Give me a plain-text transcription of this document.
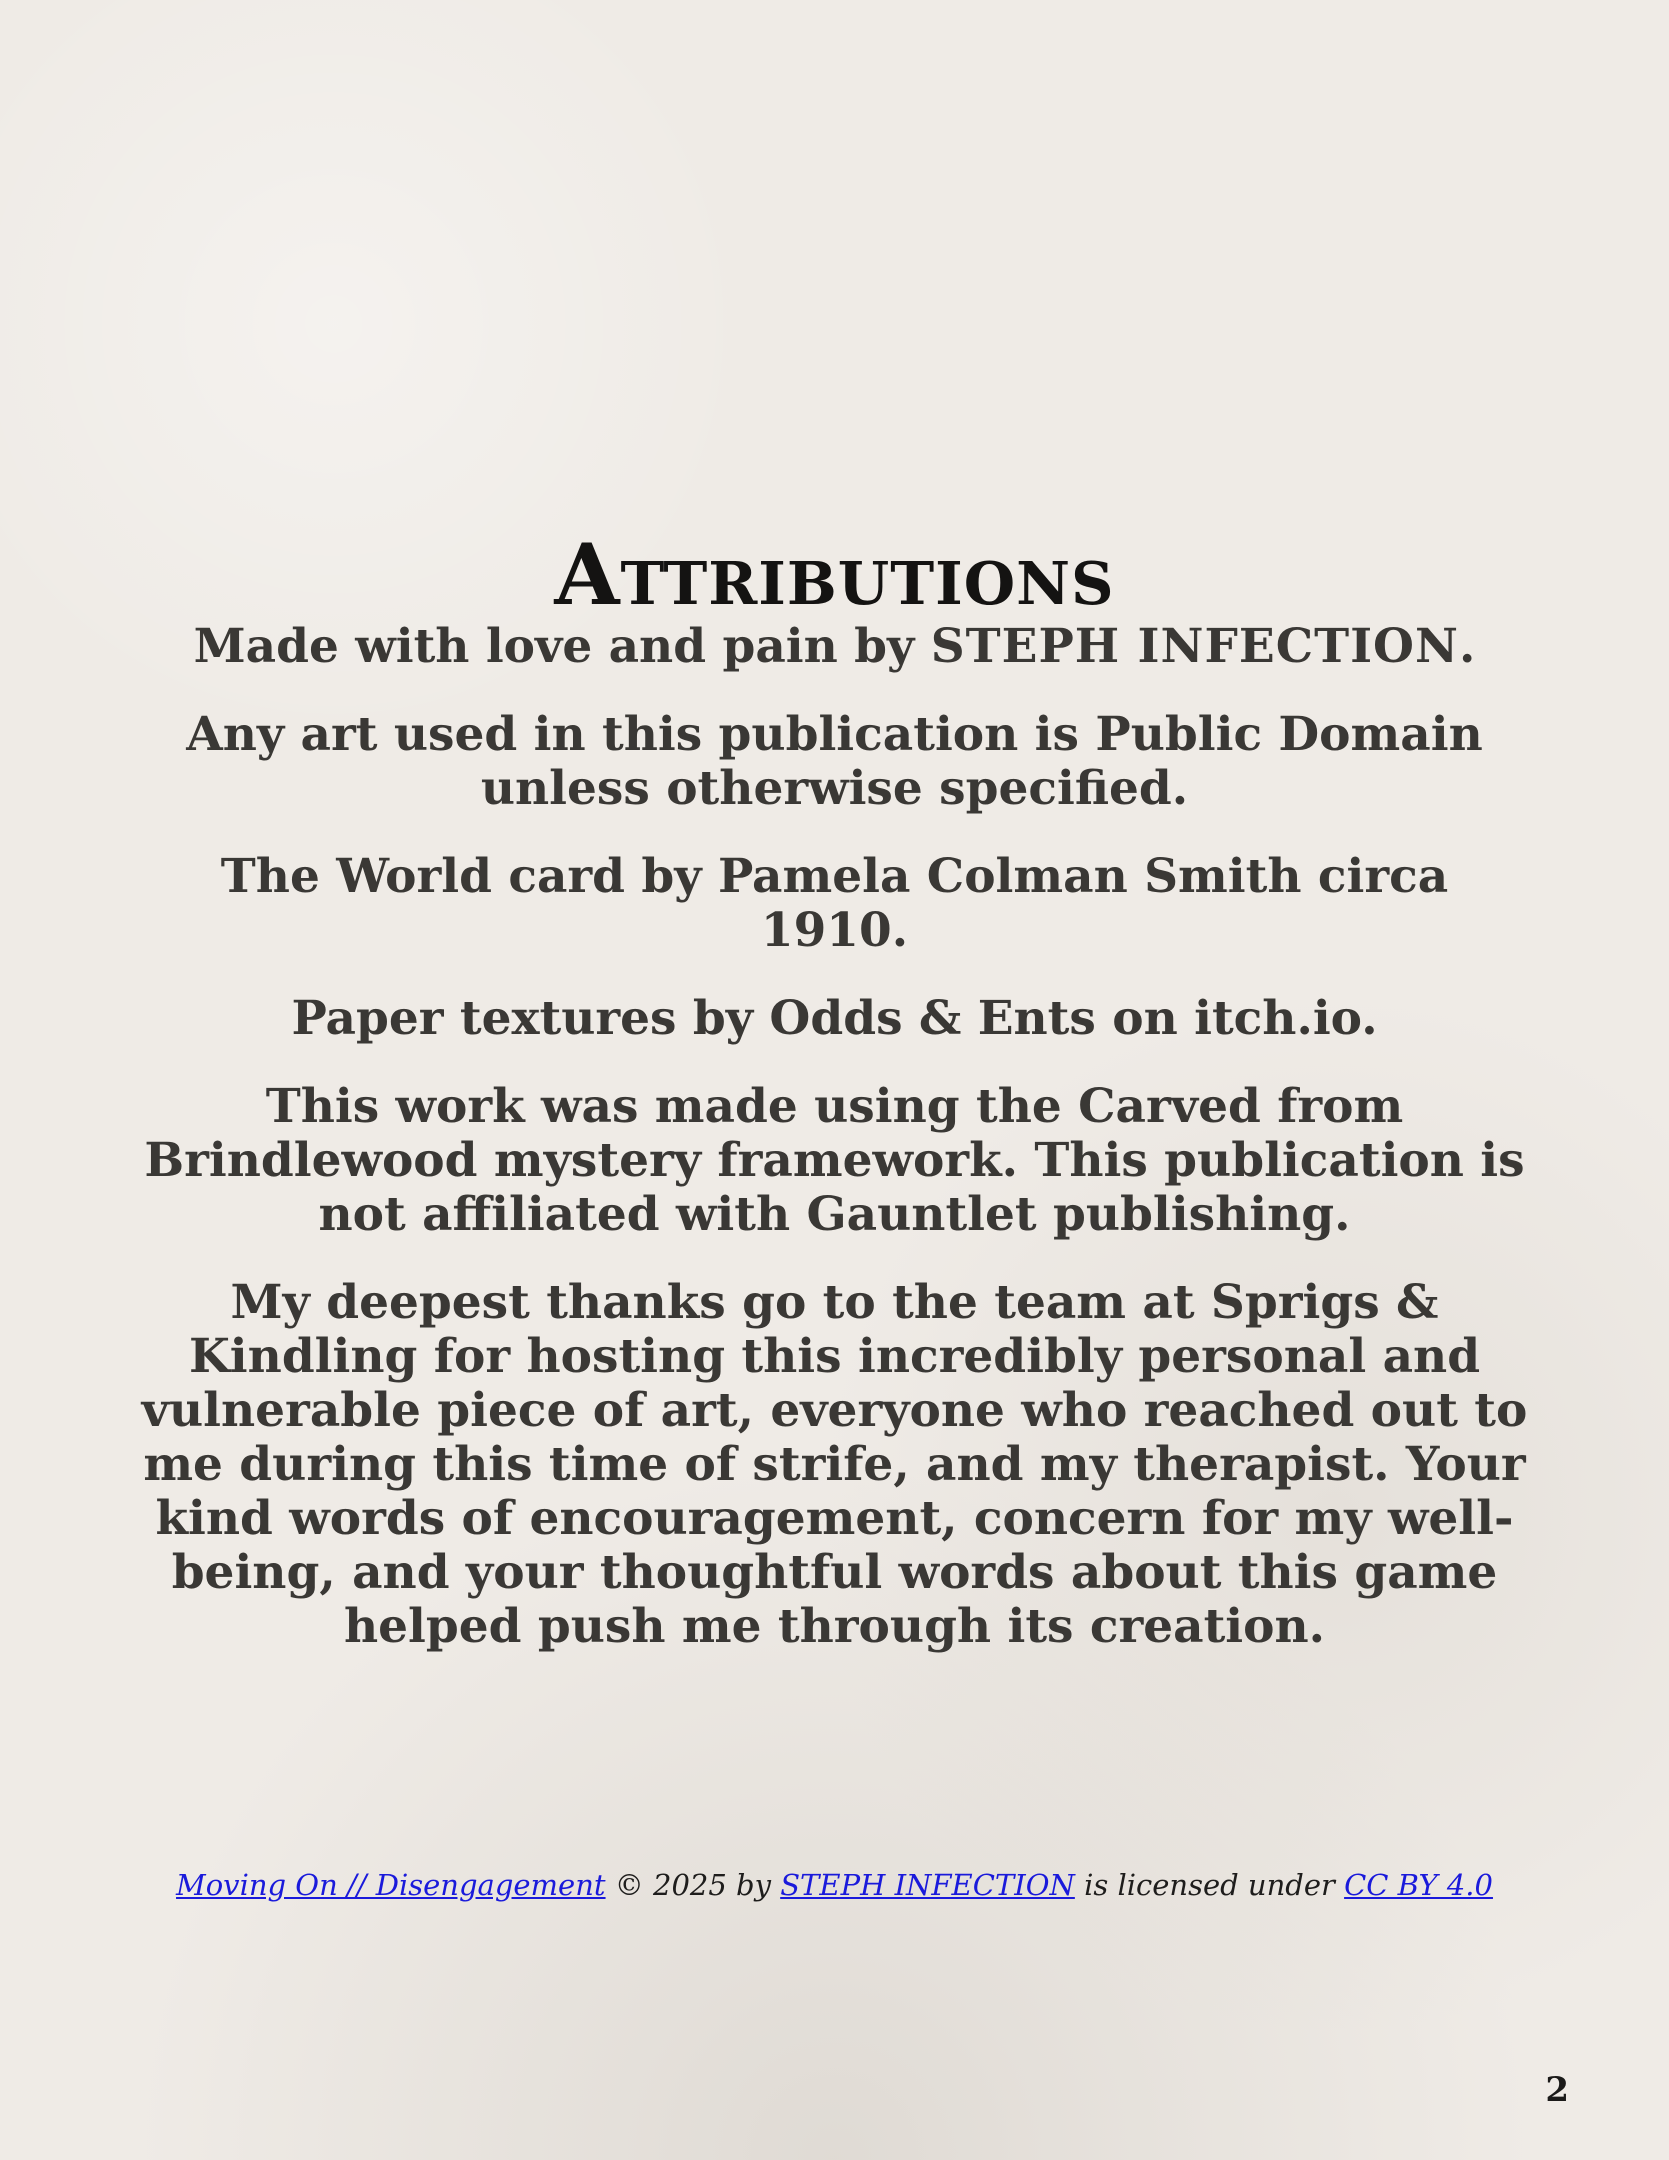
Attributions

Made with love and pain by STEPH INFECTION.

Any art used in this publication is Public Domain unless otherwise specified.

The World card by Pamela Colman Smith circa 1910.

Paper textures by Odds & Ents on itch.io.

This work was made using the Carved from Brindlewood mystery framework. This publication is not affiliated with Gauntlet publishing.

My deepest thanks go to the team at Sprigs & Kindling for hosting this incredibly personal and vulnerable piece of art, everyone who reached out to me during this time of strife, and my therapist. Your kind words of encouragement, concern for my well-being, and your thoughtful words about this game helped push me through its creation.

Moving On // Disengagement © 2025 by STEPH INFECTION is licensed under CC BY 4.0
2
